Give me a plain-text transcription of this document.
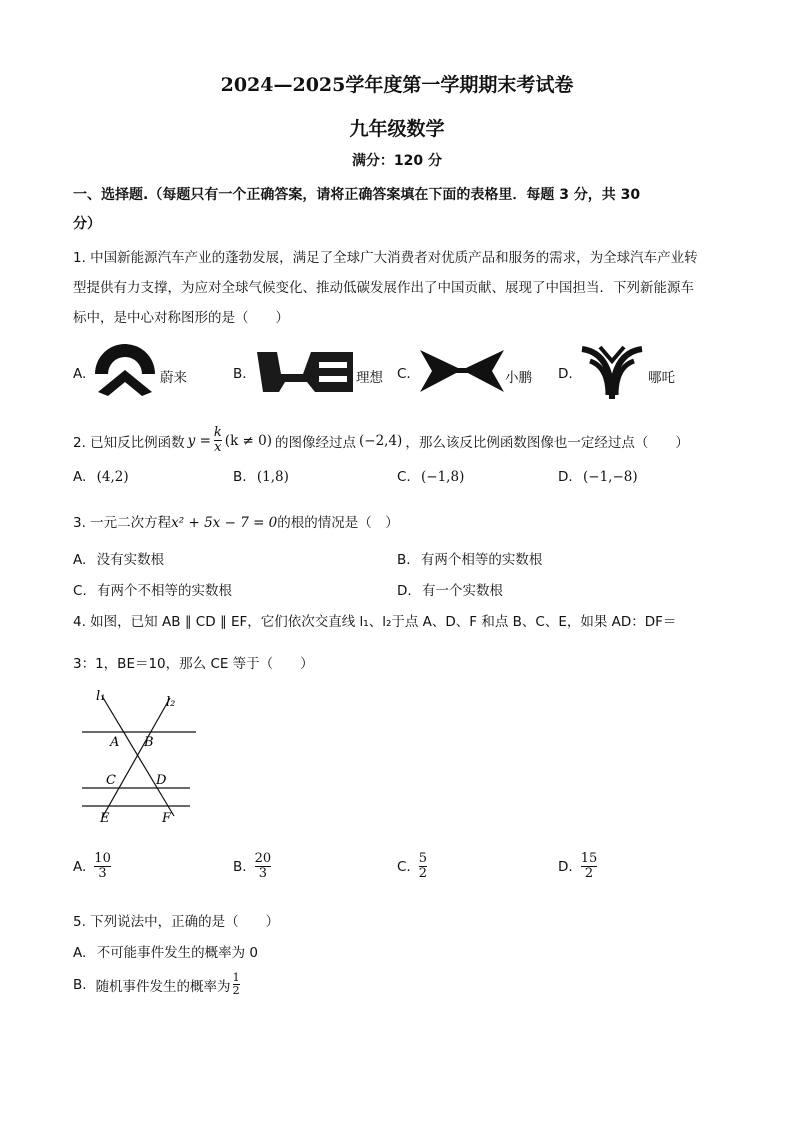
2024—2025学年度第一学期期末考试卷
九年级数学
满分：120 分
一、选择题.（每题只有一个正确答案，请将正确答案填在下面的表格里．每题 3 分，共 30
分）
1. 中国新能源汽车产业的蓬勃发展，满足了全球广大消费者对优质产品和服务的需求，为全球汽车产业转
型提供有力支撑，为应对全球气候变化、推动低碳发展作出了中国贡献、展现了中国担当．下列新能源车
标中，是中心对称图形的是（　　）
A.	蔚来	B.	理想 C.	小鹏 D.	哪吒
2. 已知反比例函数 $y = \frac{k}{x} (k \ne 0)$ 的图像经过点 (−2,4) ，那么该反比例函数图像也一定经过点（　　）
A. (4,2)	B. (1,8)	C. (−1,8)	D. (−1,−8)
3. 一元二次方程x² + 5x − 7 = 0的根的情况是（　）
A. 没有实数根	B. 有两个相等的实数根
C. 有两个不相等的实数根	D. 有一个实数根
4. 如图，已知 AB ∥ CD ∥ EF，它们依次交直线 l₁、l₂于点 A、D、F 和点 B、C、E，如果 AD：DF＝
3：1，BE＝10，那么 CE 等于（　　）
l₁	l₂
A B
C	D
E	F
A. $\frac{10}{3}$	B. $\frac{20}{3}$	C. $\frac{5}{2}$	D. $\frac{15}{2}$
5. 下列说法中，正确的是（　　）
A. 不可能事件发生的概率为 0
B. 随机事件发生的概率为 $\frac{1}{2}$
